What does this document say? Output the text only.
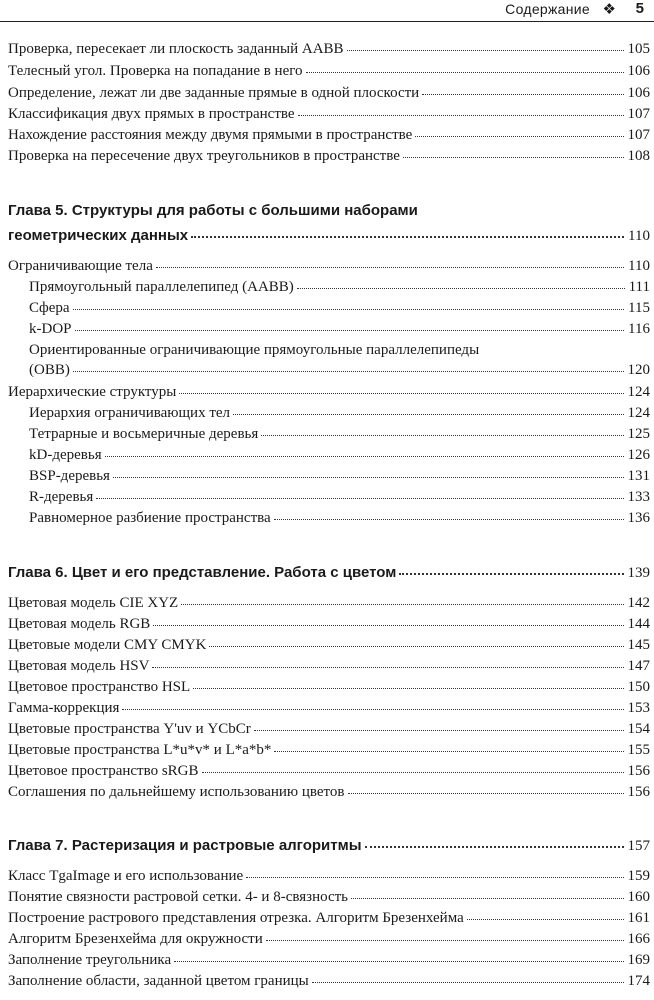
Содержание ❖ 5
Проверка, пересекает ли плоскость заданный AABB	105
Телесный угол. Проверка на попадание в него	106
Определение, лежат ли две заданные прямые в одной плоскости	106
Классификация двух прямых в пространстве	107
Нахождение расстояния между двумя прямыми в пространстве	107
Проверка на пересечение двух треугольников в пространстве	108
Глава 5. Структуры для работы с большими наборами
геометрических данных	110
Ограничивающие тела	110
Прямоугольный параллелепипед (AABB)	111
Сфера	115
k-DOP	116
Ориентированные ограничивающие прямоугольные параллелепипеды
(OBB)	120
Иерархические структуры	124
Иерархия ограничивающих тел	124
Тетрарные и восьмеричные деревья	125
kD-деревья	126
BSP-деревья	131
R-деревья	133
Равномерное разбиение пространства	136
Глава 6. Цвет и его представление. Работа с цветом	139
Цветовая модель CIE XYZ	142
Цветовая модель RGB	144
Цветовые модели CMY CMYK	145
Цветовая модель HSV	147
Цветовое пространство HSL	150
Гамма-коррекция	153
Цветовые пространства Y'uv и YCbCr	154
Цветовые пространства L*u*v* и L*a*b*	155
Цветовое пространство sRGB	156
Соглашения по дальнейшему использованию цветов	156
Глава 7. Растеризация и растровые алгоритмы	157
Класс TgaImage и его использование	159
Понятие связности растровой сетки. 4- и 8-связность	160
Построение растрового представления отрезка. Алгоритм Брезенхейма	161
Алгоритм Брезенхейма для окружности	166
Заполнение треугольника	169
Заполнение области, заданной цветом границы	174
